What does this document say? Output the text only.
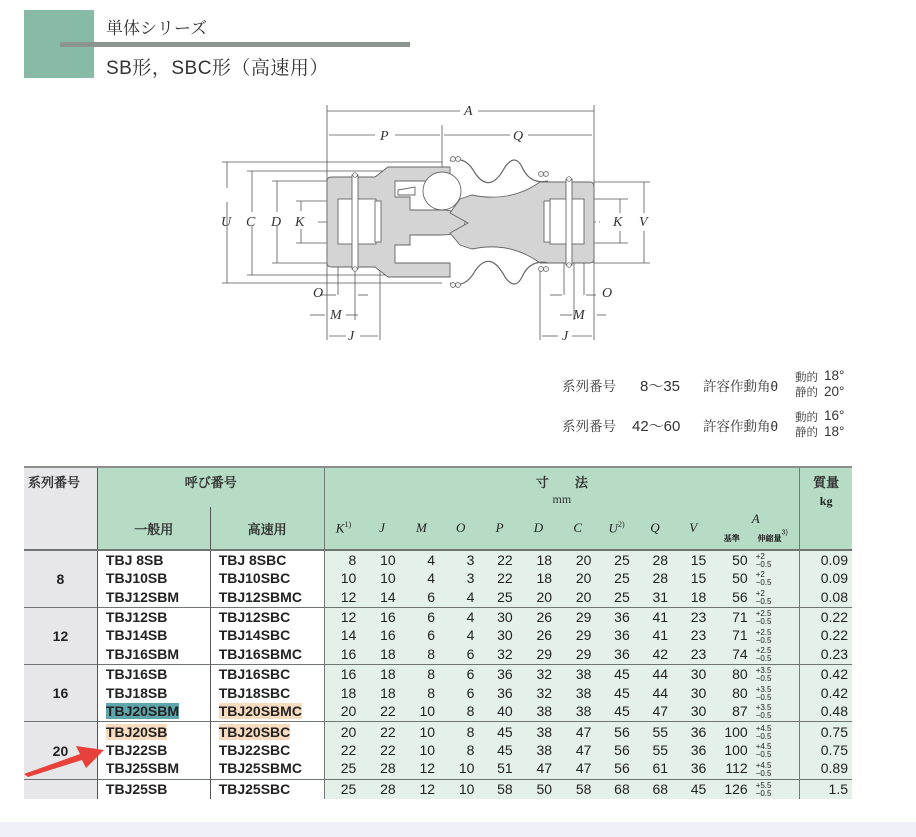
単体シリーズ
SB形，SBC形（高速用）
A
P	Q
U C D K	K V
O	O
M	M
J	J
系列番号 8～35 許容作動角θ
動的 18°
静的 20°
系列番号 42～60 許容作動角θ
動的 16°
静的 18°
系列番号	呼び番号		寸　　法
mm												質量
kg
	一般用	高速用	$K^{1)}$	J	M	O	P	D	C	$U^{2)}$	Q	V	A
基準 伸縮量$^{3)}$
8	TBJ 8SB	TBJ 8SBC	8	10	4	3	22	18	20	25	28	15	50	+2
−0.5	0.09
	TBJ10SB	TBJ10SBC	10	10	4	3	22	18	20	25	28	15	50	+2
−0.5	0.09
	TBJ12SBM	TBJ12SBMC	12	14	6	4	25	20	20	25	31	18	56	+2
−0.5	0.08
12	TBJ12SB	TBJ12SBC	12	16	6	4	30	26	29	36	41	23	71	+2.5
−0.5	0.22
	TBJ14SB	TBJ14SBC	14	16	6	4	30	26	29	36	41	23	71	+2.5
−0.5	0.22
	TBJ16SBM	TBJ16SBMC	16	18	8	6	32	29	29	36	42	23	74	+2.5
−0.5	0.23
16	TBJ16SB	TBJ16SBC	16	18	8	6	36	32	38	45	44	30	80	+3.5
−0.5	0.42
	TBJ18SB	TBJ18SBC	18	18	8	6	36	32	38	45	44	30	80	+3.5
−0.5	0.42
	TBJ20SBM	TBJ20SBMC	20	22	10	8	40	38	38	45	47	30	87	+3.5
−0.5	0.48
20	TBJ20SB	TBJ20SBC	20	22	10	8	45	38	47	56	55	36	100	+4.5
−0.5	0.75
	TBJ22SB	TBJ22SBC	22	22	10	8	45	38	47	56	55	36	100	+4.5
−0.5	0.75
	TBJ25SBM	TBJ25SBMC	25	28	12	10	51	47	47	56	61	36	112	+4.5
−0.5	0.89
	TBJ25SB	TBJ25SBC	25	28	12	10	58	50	58	68	68	45	126	+5.5
−0.5	1.5
